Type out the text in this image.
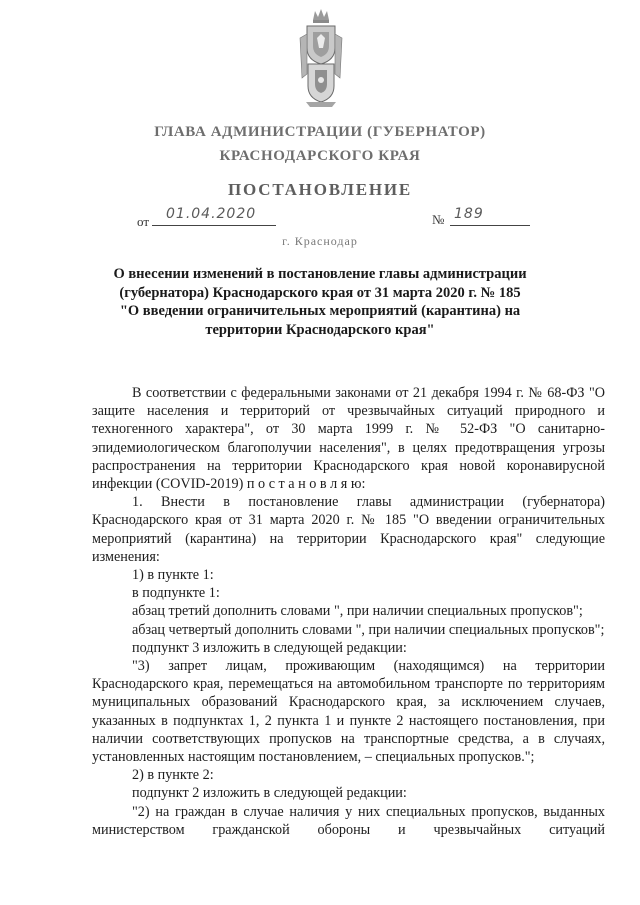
ГЛАВА АДМИНИСТРАЦИИ (ГУБЕРНАТОР)
КРАСНОДАРСКОГО КРАЯ
ПОСТАНОВЛЕНИЕ
от	01.04.2020	№ 189
г. Краснодар
О внесении изменений в постановление главы администрации (губернатора) Краснодарского края от 31 марта 2020 г. № 185 "О введении ограничительных мероприятий (карантина) на территории Краснодарского края"

В соответствии с федеральными законами от 21 декабря 1994 г. № 68-ФЗ "О защите населения и территорий от чрезвычайных ситуаций природного и техногенного характера", от 30 марта 1999 г. № 52-ФЗ "О санитарно-эпидемиологическом благополучии населения", в целях предотвращения угрозы распространения на территории Краснодарского края новой коронавирусной инфекции (COVID-2019) п о с т а н о в л я ю:

1. Внести в постановление главы администрации (губернатора) Краснодарского края от 31 марта 2020 г. № 185 "О введении ограничительных мероприятий (карантина) на территории Краснодарского края" следующие изменения:

1) в пункте 1:

в подпункте 1:

абзац третий дополнить словами ", при наличии специальных пропусков";

абзац четвертый дополнить словами ", при наличии специальных пропусков";

подпункт 3 изложить в следующей редакции:

"3) запрет лицам, проживающим (находящимся) на территории Краснодарского края, перемещаться на автомобильном транспорте по территориям муниципальных образований Краснодарского края, за исключением случаев, указанных в подпунктах 1, 2 пункта 1 и пункте 2 настоящего постановления, при наличии соответствующих пропусков на транспортные средства, а в случаях, установленных настоящим постановлением, – специальных пропусков.";

2) в пункте 2:

подпункт 2 изложить в следующей редакции:

"2) на граждан в случае наличия у них специальных пропусков, выданных министерством гражданской обороны и чрезвычайных ситуаций
